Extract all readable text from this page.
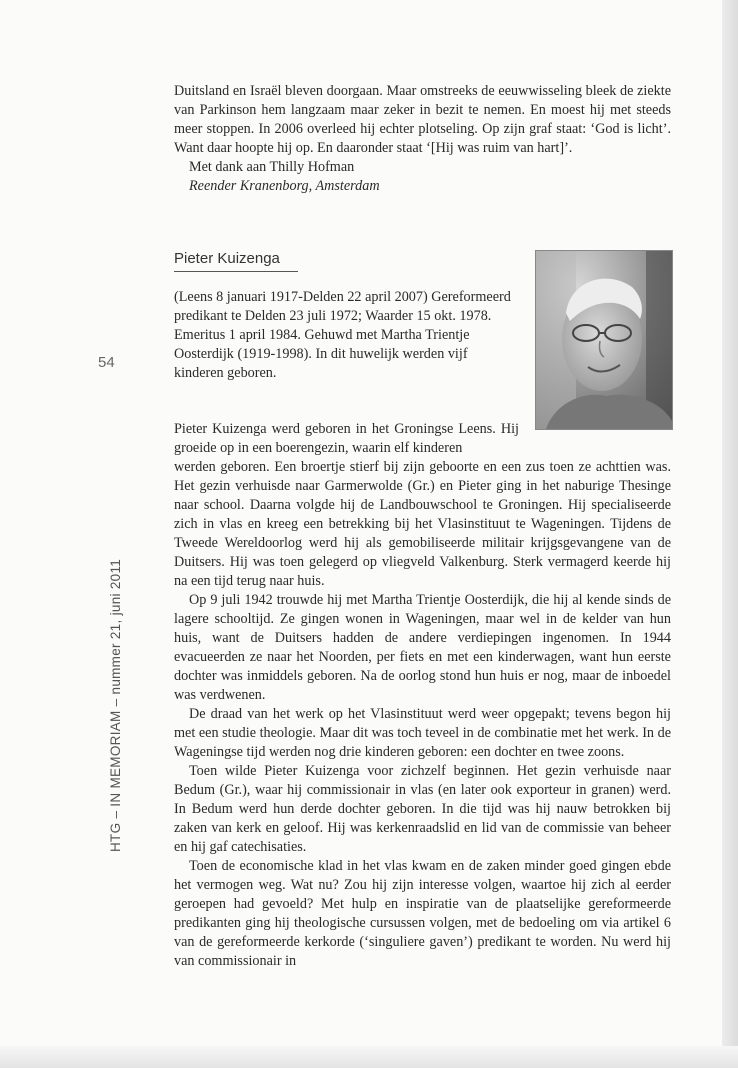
Duitsland en Israël bleven doorgaan. Maar omstreeks de eeuwwisseling bleek de ziekte van Parkinson hem langzaam maar zeker in bezit te nemen. En moest hij met steeds meer stoppen. In 2006 overleed hij echter plotseling. Op zijn graf staat: ‘God is licht’. Want daar hoopte hij op. En daaronder staat ‘[Hij was ruim van hart]’.

Met dank aan Thilly Hofman

Reender Kranenborg, Amsterdam

Pieter Kuizenga

(Leens 8 januari 1917-Delden 22 april 2007) Gereformeerd predikant te Delden 23 juli 1972; Waarder 15 okt. 1978. Emeritus 1 april 1984. Gehuwd met Martha Trientje Oosterdijk (1919-1998). In dit huwelijk werden vijf kinderen geboren.

Pieter Kuizenga werd geboren in het Groningse Leens. Hij groeide op in een boerengezin, waarin elf kinderen

werden geboren. Een broertje stierf bij zijn geboorte en een zus toen ze achttien was. Het gezin verhuisde naar Garmerwolde (Gr.) en Pieter ging in het naburige Thesinge naar school. Daarna volgde hij de Landbouwschool te Groningen. Hij specialiseerde zich in vlas en kreeg een betrekking bij het Vlasinstituut te Wageningen. Tijdens de Tweede Wereldoorlog werd hij als gemobiliseerde militair krijgsgevangene van de Duitsers. Hij was toen gelegerd op vliegveld Valkenburg. Sterk vermagerd keerde hij na een tijd terug naar huis.

Op 9 juli 1942 trouwde hij met Martha Trientje Oosterdijk, die hij al kende sinds de lagere schooltijd. Ze gingen wonen in Wageningen, maar wel in de kelder van hun huis, want de Duitsers hadden de andere verdiepingen ingenomen. In 1944 evacueerden ze naar het Noorden, per fiets en met een kinderwagen, want hun eerste dochter was inmiddels geboren. Na de oorlog stond hun huis er nog, maar de inboedel was verdwenen.

De draad van het werk op het Vlasinstituut werd weer opgepakt; tevens begon hij met een studie theologie. Maar dit was toch teveel in de combinatie met het werk. In de Wageningse tijd werden nog drie kinderen geboren: een dochter en twee zoons.

Toen wilde Pieter Kuizenga voor zichzelf beginnen. Het gezin verhuisde naar Bedum (Gr.), waar hij commissionair in vlas (en later ook exporteur in granen) werd. In Bedum werd hun derde dochter geboren. In die tijd was hij nauw betrokken bij zaken van kerk en geloof. Hij was kerkenraadslid en lid van de commissie van beheer en hij gaf catechisaties.

Toen de economische klad in het vlas kwam en de zaken minder goed gingen ebde het vermogen weg. Wat nu? Zou hij zijn interesse volgen, waartoe hij zich al eerder geroepen had gevoeld? Met hulp en inspiratie van de plaatselijke gereformeerde predikanten ging hij theologische cursussen volgen, met de bedoeling om via artikel 6 van de gereformeerde kerkorde (‘singuliere gaven’) predikant te worden. Nu werd hij van commissionair in

54
HTG – IN MEMORIAM – nummer 21, juni 2011
